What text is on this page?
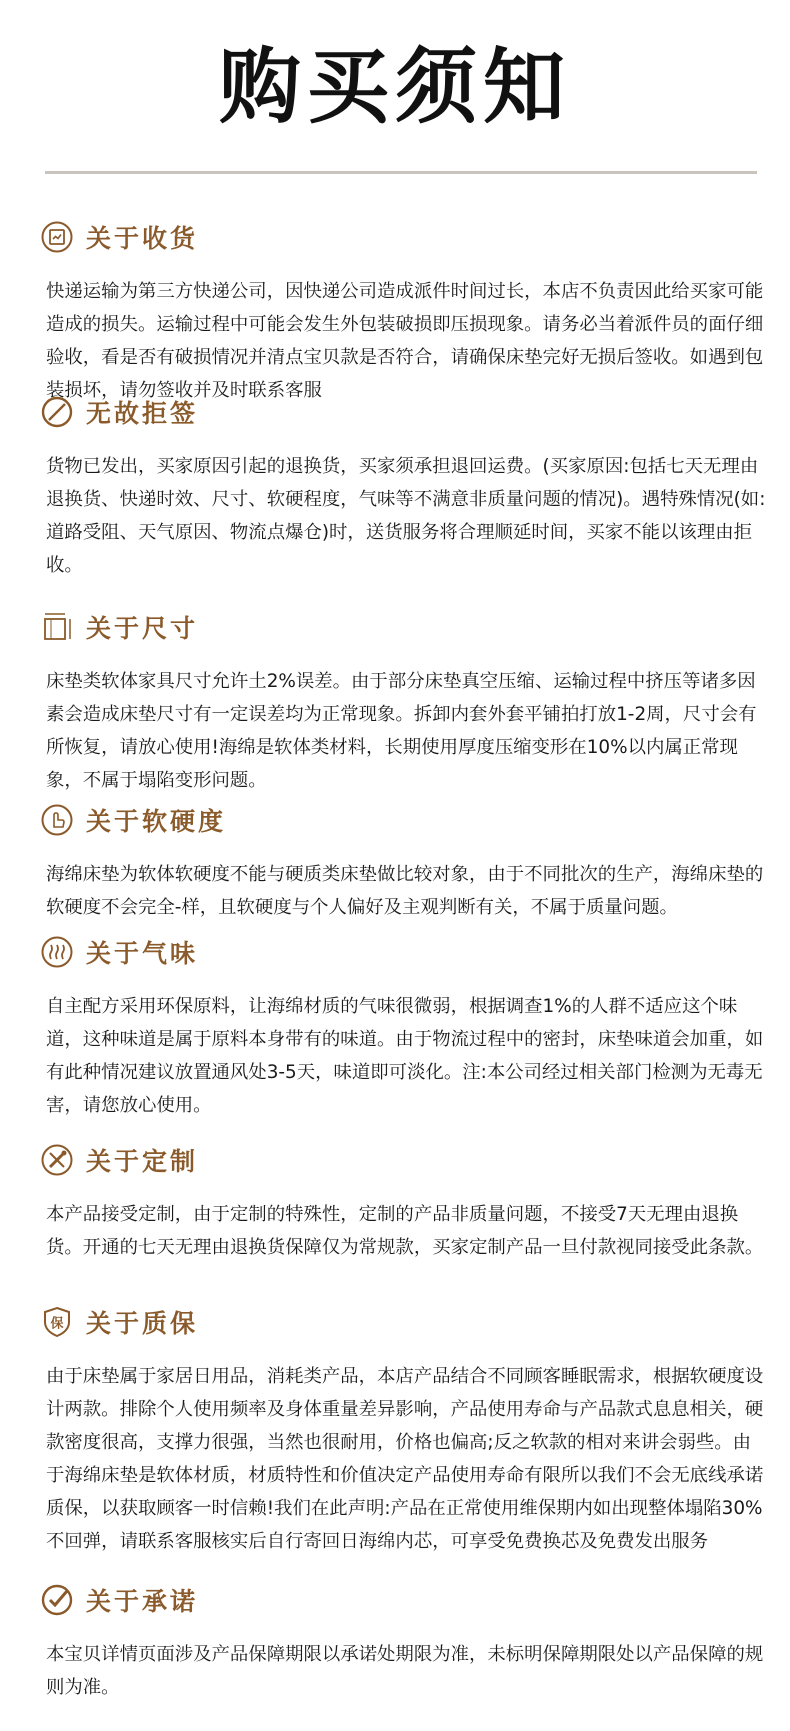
购买须知
关于收货

快递运输为第三方快递公司，因快递公司造成派件时间过长，本店不负责因此给买家可能造成的损失。运输过程中可能会发生外包装破损即压损现象。请务必当着派件员的面仔细验收，看是否有破损情况并清点宝贝款是否符合，请确保床垫完好无损后签收。如遇到包装损坏，请勿签收并及时联系客服

无故拒签

货物已发出，买家原因引起的退换货，买家须承担退回运费。(买家原因:包括七天无理由退换货、快递时效、尺寸、软硬程度，气味等不满意非质量问题的情况)。遇特殊情况(如:道路受阻、天气原因、物流点爆仓)时，送货服务将合理顺延时间，买家不能以该理由拒收。

关于尺寸

床垫类软体家具尺寸允许土2%误差。由于部分床垫真空压缩、运输过程中挤压等诸多因素会造成床垫尺寸有一定误差均为正常现象。拆卸内套外套平铺拍打放1-2周，尺寸会有所恢复，请放心使用!海绵是软体类材料，长期使用厚度压缩变形在10%以内属正常现象，不属于塌陷变形问题。

关于软硬度

海绵床垫为软体软硬度不能与硬质类床垫做比较对象，由于不同批次的生产，海绵床垫的软硬度不会完全-样，且软硬度与个人偏好及主观判断有关，不属于质量问题。

关于气味

自主配方采用环保原料，让海绵材质的气味很微弱，根据调查1%的人群不适应这个味道，这种味道是属于原料本身带有的味道。由于物流过程中的密封，床垫味道会加重，如有此种情况建议放置通风处3-5天，味道即可淡化。注:本公司经过相关部门检测为无毒无害，请您放心使用。

关于定制

本产品接受定制，由于定制的特殊性，定制的产品非质量问题，不接受7天无理由退换货。开通的七天无理由退换货保障仅为常规款，买家定制产品一旦付款视同接受此条款。

保 关于质保

由于床垫属于家居日用品，消耗类产品，本店产品结合不同顾客睡眠需求，根据软硬度设计两款。排除个人使用频率及身体重量差异影响，产品使用寿命与产品款式息息相关，硬款密度很高，支撑力很强，当然也很耐用，价格也偏高;反之软款的相对来讲会弱些。由于海绵床垫是软体材质，材质特性和价值决定产品使用寿命有限所以我们不会无底线承诺质保，以获取顾客一时信赖!我们在此声明:产品在正常使用维保期内如出现整体塌陷30%不回弹，请联系客服核实后自行寄回日海绵内芯，可享受免费换芯及免费发出服务

关于承诺

本宝贝详情页面涉及产品保障期限以承诺处期限为准，未标明保障期限处以产品保障的规则为准。
